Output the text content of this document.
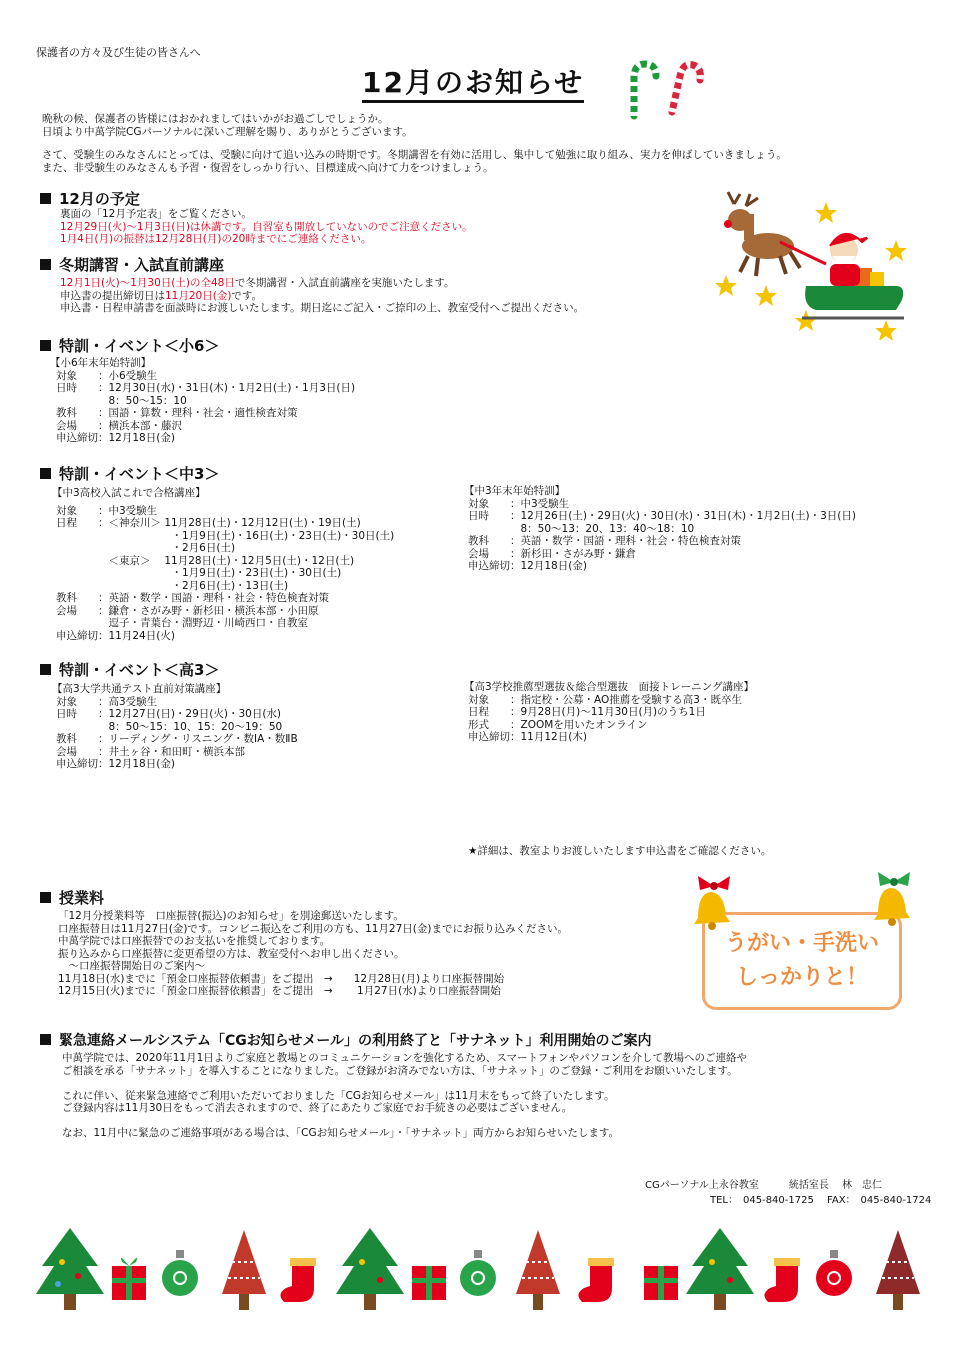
保護者の方々及び生徒の皆さんへ
12月のお知らせ
晩秋の候、保護者の皆様にはおかれましてはいかがお過ごしでしょうか。
日頃より中萬学院CGパーソナルに深いご理解を賜り、ありがとうございます。
さて、受験生のみなさんにとっては、受験に向けて追い込みの時期です。冬期講習を有効に活用し、集中して勉強に取り組み、実力を伸ばしていきましょう。
また、非受験生のみなさんも予習・復習をしっかり行い、目標達成へ向けて力をつけましょう。
12月の予定
裏面の「12月予定表」をご覧ください。
12月29日(火)～1月3日(日)は休講です。自習室も開放していないのでご注意ください。
1月4日(月)の振替は12月28日(月)の20時までにご連絡ください。
冬期講習・入試直前講座
12月1日(火)～1月30日(土)の全48日で冬期講習・入試直前講座を実施いたします。
申込書の提出締切日は11月20日(金)です。
申込書・日程申請書を面談時にお渡しいたします。期日迄にご記入・ご捺印の上、教室受付へご提出ください。
特訓・イベント＜小6＞
【小6年末年始特訓】
対象　　：小6受験生
日時　　：12月30日(水)・31日(木)・1月2日(土)・1月3日(日)
　　　　　8：50～15：10
教科　　：国語・算数・理科・社会・適性検査対策
会場　　：横浜本部・藤沢
申込締切：12月18日(金)
特訓・イベント＜中3＞
【中3高校入試これで合格講座】
対象　　：中3受験生
日程　　：＜神奈川＞ 11月28日(土)・12月12日(土)・19日(土)
　　　　　　　　　　　・1月9日(土)・16日(土)・23日(土)・30日(土)
　　　　　　　　　　　・2月6日(土)
　　　　　＜東京＞　 11月28日(土)・12月5日(土)・12日(土)
　　　　　　　　　　　・1月9日(土)・23日(土)・30日(土)
　　　　　　　　　　　・2月6日(土)・13日(土)
教科　　：英語・数学・国語・理科・社会・特色検査対策
会場　　：鎌倉・さがみ野・新杉田・横浜本部・小田原
　　　　　逗子・青葉台・淵野辺・川崎西口・自教室
申込締切：11月24日(火)
【中3年末年始特訓】
対象　　：中3受験生
日時　　：12月26日(土)・29日(火)・30日(水)・31日(木)・1月2日(土)・3日(日)
　　　　　8：50～13：20、13：40～18：10
教科　　：英語・数学・国語・理科・社会・特色検査対策
会場　　：新杉田・さがみ野・鎌倉
申込締切：12月18日(金)
特訓・イベント＜高3＞
【高3大学共通テスト直前対策講座】
対象　　：高3受験生
日時　　：12月27日(日)・29日(火)・30日(水)
　　　　　8：50～15：10、15：20～19：50
教科　　：リーディング・リスニング・数ⅠA・数ⅡB
会場　　：井土ヶ谷・和田町・横浜本部
申込締切：12月18日(金)
【高3学校推薦型選抜＆総合型選抜　面接トレーニング講座】
対象　　：指定校・公募・AO推薦を受験する高3・既卒生
日程　　：9月28日(月)～11月30日(月)のうち1日
形式　　：ZOOMを用いたオンライン
申込締切：11月12日(木)
★詳細は、教室よりお渡しいたします申込書をご確認ください。
授業料
「12月分授業料等　口座振替(振込)のお知らせ」を別途郵送いたします。
口座振替日は11月27日(金)です。コンビニ振込をご利用の方も、11月27日(金)までにお振り込みください。
中萬学院では口座振替でのお支払いを推奨しております。
振り込みから口座振替に変更希望の方は、教室受付へお申し出ください。
　～口座振替開始日のご案内～
11月18日(水)までに「預金口座振替依頼書」をご提出　→　　12月28日(月)より口座振替開始
12月15日(火)までに「預金口座振替依頼書」をご提出　→　　 1月27日(水)より口座振替開始
うがい・手洗い
しっかりと！
緊急連絡メールシステム「CGお知らせメール」の利用終了と「サナネット」利用開始のご案内
中萬学院では、2020年11月1日よりご家庭と教場とのコミュニケーションを強化するため、スマートフォンやパソコンを介して教場へのご連絡や
ご相談を承る「サナネット」を導入することになりました。ご登録がお済みでない方は、「サナネット」のご登録・ご利用をお願いいたします。
これに伴い、従来緊急連絡でご利用いただいておりました「CGお知らせメール」は11月末をもって終了いたします。
ご登録内容は11月30日をもって消去されますので、終了にあたりご家庭でお手続きの必要はございません。
なお、11月中に緊急のご連絡事項がある場合は、「CGお知らせメール」・「サナネット」両方からお知らせいたします。
CGパーソナル上永谷教室　　　統括室長　 林　忠仁
TEL：　045-840-1725　 FAX：　045-840-1724
